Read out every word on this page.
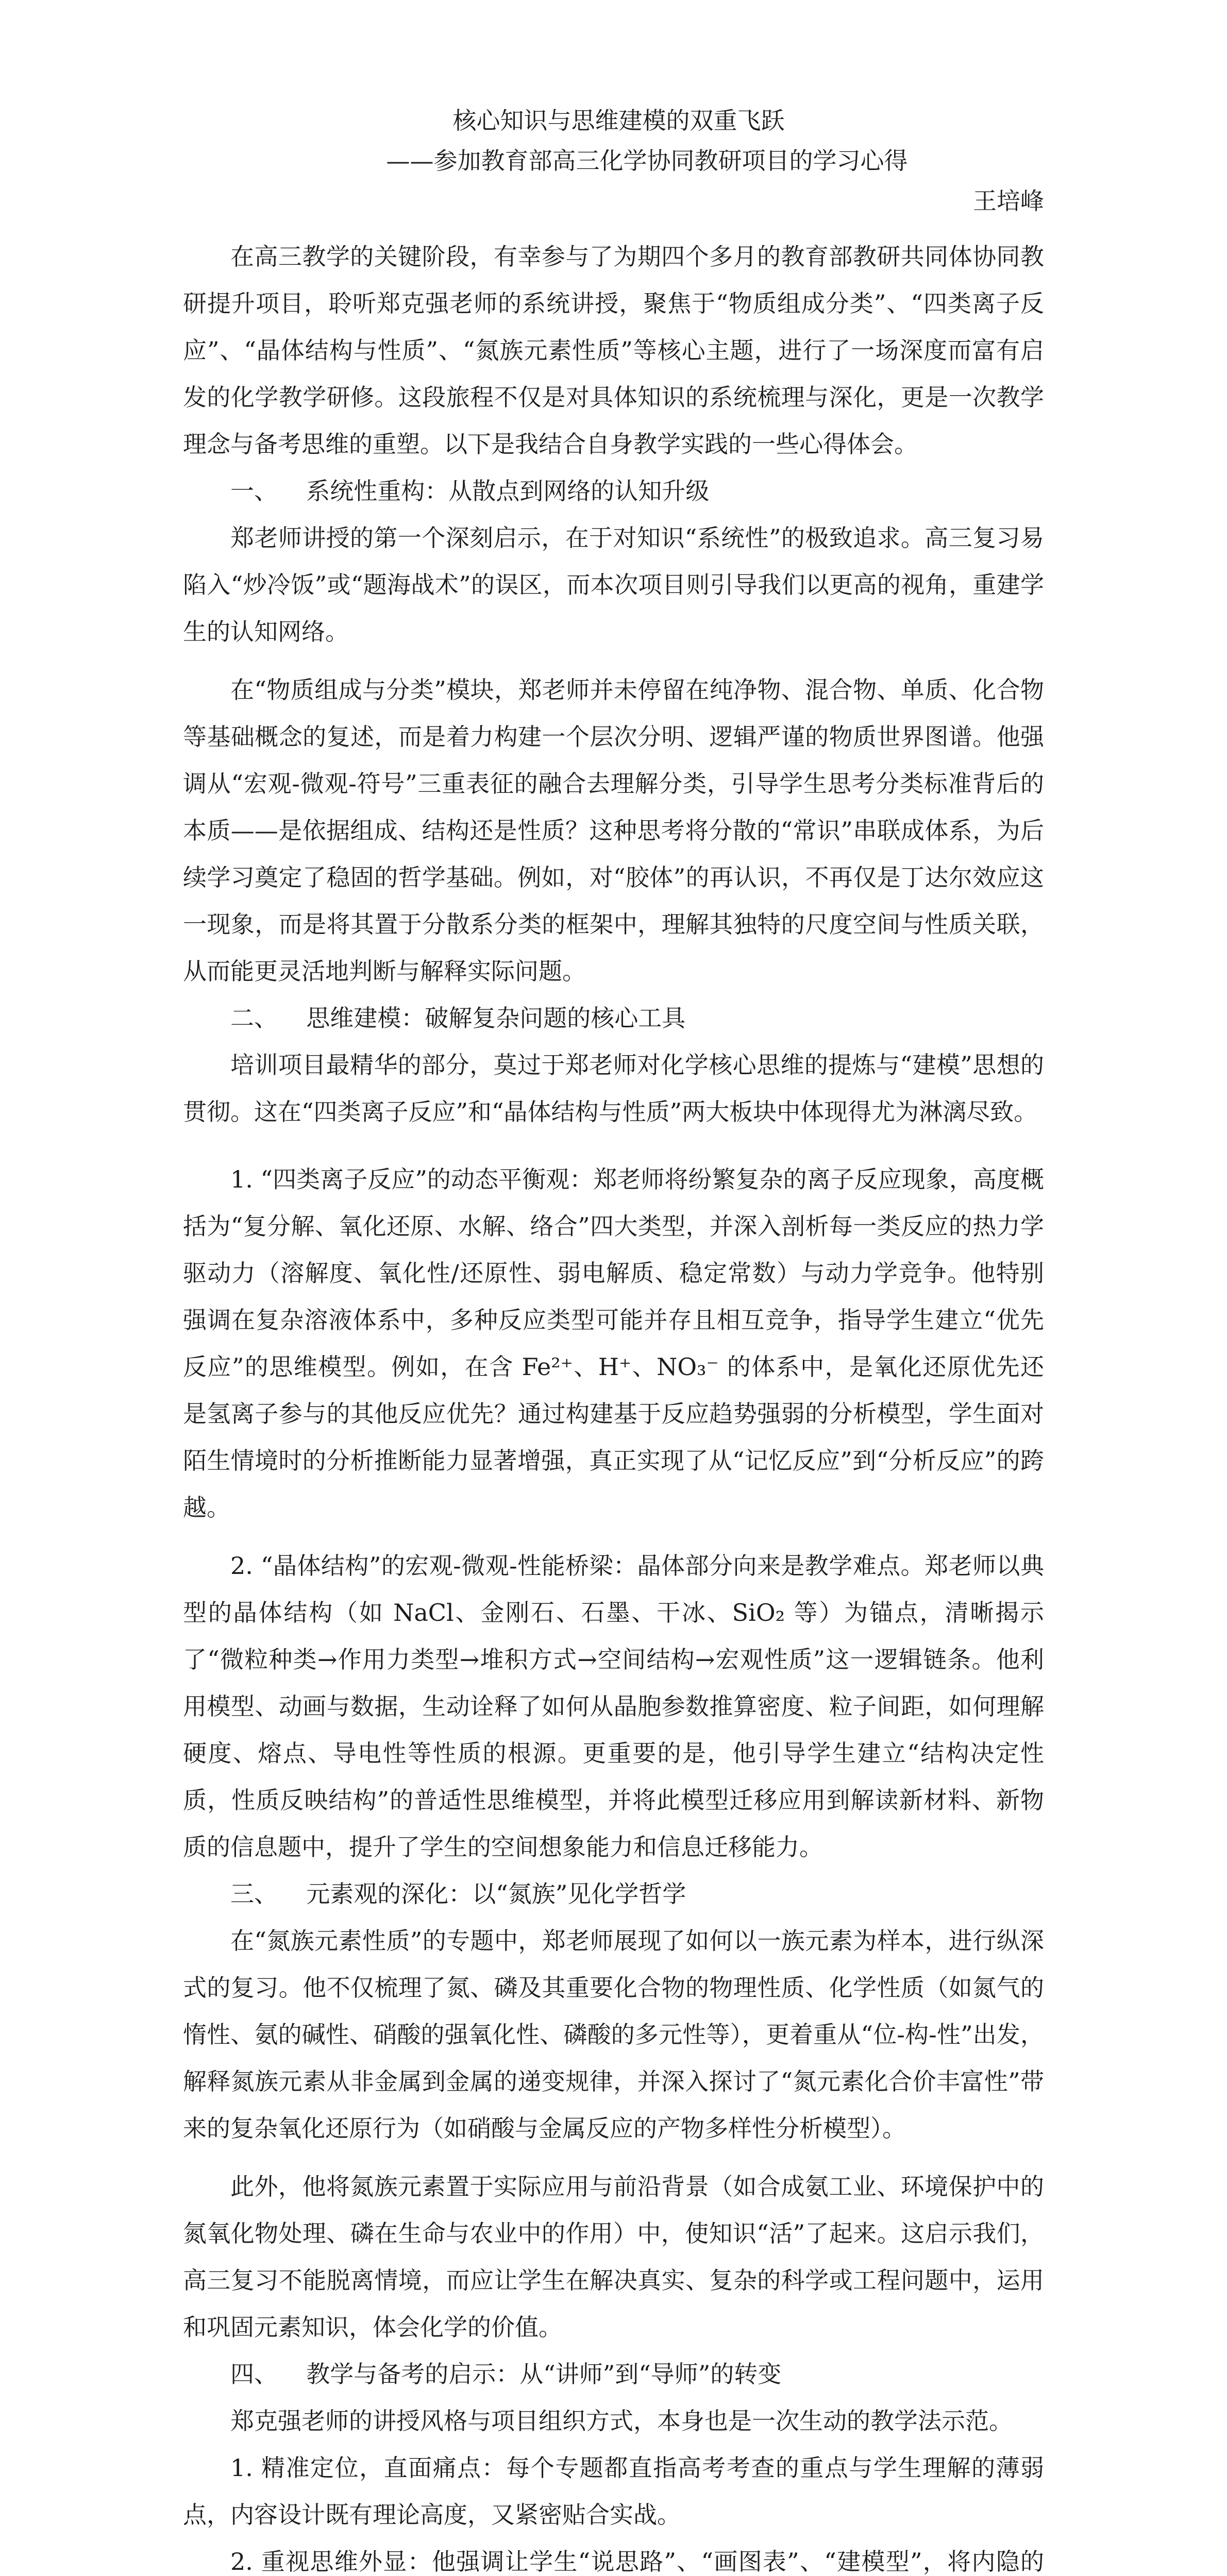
核心知识与思维建模的双重飞跃
——参加教育部高三化学协同教研项目的学习心得
王培峰

在高三教学的关键阶段，有幸参与了为期四个多月的教育部教研共同体协同教研提升项目，聆听郑克强老师的系统讲授，聚焦于“物质组成分类”、“四类离子反应”、“晶体结构与性质”、“氮族元素性质”等核心主题，进行了一场深度而富有启发的化学教学研修。这段旅程不仅是对具体知识的系统梳理与深化，更是一次教学理念与备考思维的重塑。以下是我结合自身教学实践的一些心得体会。

一、 系统性重构：从散点到网络的认知升级

郑老师讲授的第一个深刻启示，在于对知识“系统性”的极致追求。高三复习易陷入“炒冷饭”或“题海战术”的误区，而本次项目则引导我们以更高的视角，重建学生的认知网络。

在“物质组成与分类”模块，郑老师并未停留在纯净物、混合物、单质、化合物等基础概念的复述，而是着力构建一个层次分明、逻辑严谨的物质世界图谱。他强调从“宏观-微观-符号”三重表征的融合去理解分类，引导学生思考分类标准背后的本质——是依据组成、结构还是性质？这种思考将分散的“常识”串联成体系，为后续学习奠定了稳固的哲学基础。例如，对“胶体”的再认识，不再仅是丁达尔效应这一现象，而是将其置于分散系分类的框架中，理解其独特的尺度空间与性质关联，从而能更灵活地判断与解释实际问题。

二、 思维建模：破解复杂问题的核心工具

培训项目最精华的部分，莫过于郑老师对化学核心思维的提炼与“建模”思想的贯彻。这在“四类离子反应”和“晶体结构与性质”两大板块中体现得尤为淋漓尽致。

1. “四类离子反应”的动态平衡观：郑老师将纷繁复杂的离子反应现象，高度概括为“复分解、氧化还原、水解、络合”四大类型，并深入剖析每一类反应的热力学驱动力（溶解度、氧化性/还原性、弱电解质、稳定常数）与动力学竞争。他特别强调在复杂溶液体系中，多种反应类型可能并存且相互竞争，指导学生建立“优先反应”的思维模型。例如，在含 Fe²⁺、H⁺、NO₃⁻ 的体系中，是氧化还原优先还是氢离子参与的其他反应优先？通过构建基于反应趋势强弱的分析模型，学生面对陌生情境时的分析推断能力显著增强，真正实现了从“记忆反应”到“分析反应”的跨越。

2. “晶体结构”的宏观-微观-性能桥梁：晶体部分向来是教学难点。郑老师以典型的晶体结构（如 NaCl、金刚石、石墨、干冰、SiO₂ 等）为锚点，清晰揭示了“微粒种类→作用力类型→堆积方式→空间结构→宏观性质”这一逻辑链条。他利用模型、动画与数据，生动诠释了如何从晶胞参数推算密度、粒子间距，如何理解硬度、熔点、导电性等性质的根源。更重要的是，他引导学生建立“结构决定性质，性质反映结构”的普适性思维模型，并将此模型迁移应用到解读新材料、新物质的信息题中，提升了学生的空间想象能力和信息迁移能力。

三、 元素观的深化：以“氮族”见化学哲学

在“氮族元素性质”的专题中，郑老师展现了如何以一族元素为样本，进行纵深式的复习。他不仅梳理了氮、磷及其重要化合物的物理性质、化学性质（如氮气的惰性、氨的碱性、硝酸的强氧化性、磷酸的多元性等），更着重从“位-构-性”出发，解释氮族元素从非金属到金属的递变规律，并深入探讨了“氮元素化合价丰富性”带来的复杂氧化还原行为（如硝酸与金属反应的产物多样性分析模型）。

此外，他将氮族元素置于实际应用与前沿背景（如合成氨工业、环境保护中的氮氧化物处理、磷在生命与农业中的作用）中，使知识“活”了起来。这启示我们，高三复习不能脱离情境，而应让学生在解决真实、复杂的科学或工程问题中，运用和巩固元素知识，体会化学的价值。

四、 教学与备考的启示：从“讲师”到“导师”的转变

郑克强老师的讲授风格与项目组织方式，本身也是一次生动的教学法示范。

1. 精准定位，直面痛点：每个专题都直指高考考查的重点与学生理解的薄弱点，内容设计既有理论高度，又紧密贴合实战。

2. 重视思维外显：他强调让学生“说思路”、“画图表”、“建模型”，将内隐的
